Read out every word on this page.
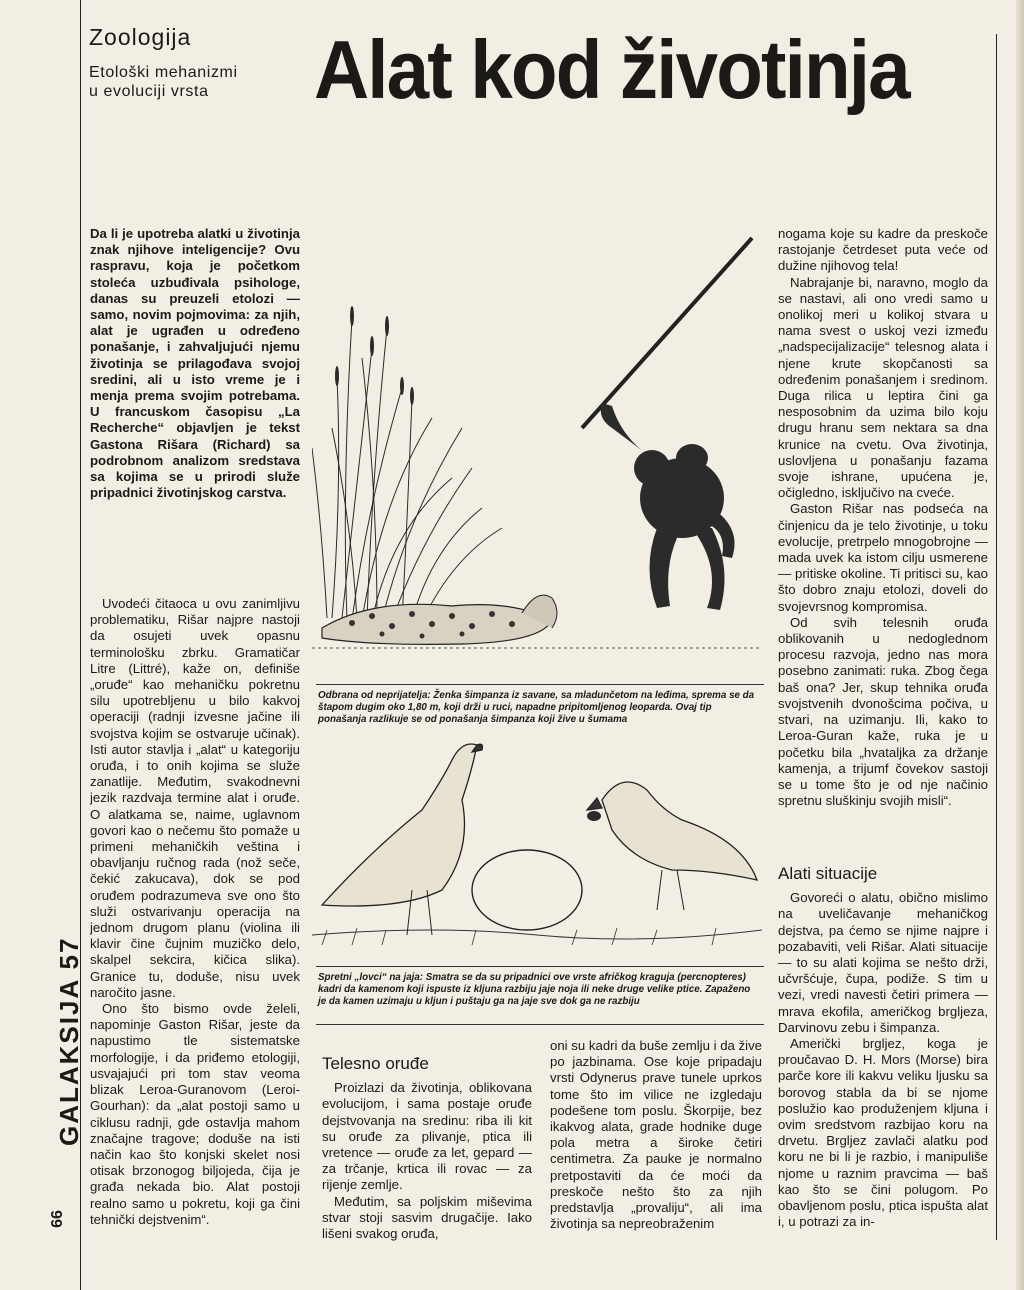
Zoologija
Etološki mehanizmi
u evoluciji vrsta	Alat kod životinja
Da li je upotreba alatki u životinja znak njihove inteligencije? Ovu raspravu, koja je početkom stoleća uzbuđivala psihologe, danas su preuzeli etolozi — samo, novim pojmovima: za njih, alat je ugrađen u određeno ponašanje, i zahvaljujući njemu životinja se prilagođava svojoj sredini, ali u isto vreme je i menja prema svojim potrebama. U francuskom časopisu „La Recherche“ objavljen je tekst Gastona Rišara (Richard) sa podrobnom analizom sredstava sa kojima se u prirodi služe pripadnici životinjskog carstva.

Uvodeći čitaoca u ovu zanimljivu problematiku, Rišar najpre nastoji da osujeti uvek opasnu terminološku zbrku. Gramatičar Litre (Littré), kaže on, definiše „oruđe“ kao mehaničku pokretnu silu upotrebljenu u bilo kakvoj operaciji (radnji izvesne jačine ili svojstva kojim se ostvaruje učinak). Isti autor stavlja i „alat“ u kategoriju oruđa, i to onih kojima se služe zanatlije. Međutim, svakodnevni jezik razdvaja termine alat i oruđe. O alatkama se, naime, uglavnom govori kao o nečemu što pomaže u primeni mehaničkih veština i obavljanju ručnog rada (nož seče, čekić zakucava), dok se pod oruđem podrazumeva sve ono što služi ostvarivanju operacija na jednom drugom planu (violina ili klavir čine čujnim muzičko delo, skalpel sekcira, kičica slika). Granice tu, doduše, nisu uvek naročito jasne.

Ono što bismo ovde želeli, napominje Gaston Rišar, jeste da napustimo tle sistematske morfologije, i da priđemo etologiji, usvajajući pri tom stav veoma blizak Leroa-Guranovom (Leroi-Gourhan): da „alat postoji samo u ciklusu radnji, gde ostavlja mahom značajne tragove; doduše na isti način kao što konjski skelet nosi otisak brzonogog biljojeda, čija je građa nekada bio. Alat postoji realno samo u pokretu, koji ga čini tehnički dejstvenim“.

Odbrana od neprijatelja: Ženka šimpanza iz savane, sa mladunčetom na leđima, sprema se da štapom dugim oko 1,80 m, koji drži u ruci, napadne pripitomljenog leoparda. Ovaj tip ponašanja razlikuje se od ponašanja šimpanza koji žive u šumama
Spretni „lovci“ na jaja: Smatra se da su pripadnici ove vrste afričkog kraguja (percnopteres) kadri da kamenom koji ispuste iz kljuna razbiju jaje noja ili neke druge velike ptice. Zapaženo je da kamen uzimaju u kljun i puštaju ga na jaje sve dok ga ne razbiju
Telesno oruđe

Proizlazi da životinja, oblikovana evolucijom, i sama postaje oruđe dejstvovanja na sredinu: riba ili kit su oruđe za plivanje, ptica ili vretence — oruđe za let, gepard — za trčanje, krtica ili rovac — za rijenje zemlje.

Međutim, sa poljskim miševima stvar stoji sasvim drugačije. Iako lišeni svakog oruđa,

oni su kadri da buše zemlju i da žive po jazbinama. Ose koje pripadaju vrsti Odynerus prave tunele uprkos tome što im vilice ne izgledaju podešene tom poslu. Škorpije, bez ikakvog alata, grade hodnike duge pola metra a široke četiri centimetra. Za pauke je normalno pretpostaviti da će moći da preskoče nešto što za njih predstavlja „provaliju“, ali ima životinja sa nepreobraženim

nogama koje su kadre da preskoče rastojanje četrdeset puta veće od dužine njihovog tela!

Nabrajanje bi, naravno, moglo da se nastavi, ali ono vredi samo u onolikoj meri u kolikoj stvara u nama svest o uskoj vezi između „nadspecijalizacije“ telesnog alata i njene krute skopčanosti sa određenim ponašanjem i sredinom. Duga rilica u leptira čini ga nesposobnim da uzima bilo koju drugu hranu sem nektara sa dna krunice na cvetu. Ova životinja, uslovljena u ponašanju fazama svoje ishrane, upućena je, očigledno, isključivo na cveće.

Gaston Rišar nas podseća na činjenicu da je telo životinje, u toku evolucije, pretrpelo mnogobrojne — mada uvek ka istom cilju usmerene — pritiske okoline. Ti pritisci su, kao što dobro znaju etolozi, doveli do svojevrsnog kompromisa.

Od svih telesnih oruđa oblikovanih u nedoglednom procesu razvoja, jedno nas mora posebno zanimati: ruka. Zbog čega baš ona? Jer, skup tehnika oruđa svojstvenih dvonošcima počiva, u stvari, na uzimanju. Ili, kako to Leroa-Guran kaže, ruka je u početku bila „hvataljka za držanje kamenja, a trijumf čovekov sastoji se u tome što je od nje načinio spretnu sluškinju svojih misli“.

Alati situacije

Govoreći o alatu, obično mislimo na uveličavanje mehaničkog dejstva, pa ćemo se njime najpre i pozabaviti, veli Rišar. Alati situacije — to su alati kojima se nešto drži, učvršćuje, čupa, podiže. S tim u vezi, vredi navesti četiri primera — mrava ekofila, američkog brgljeza, Darvinovu zebu i šimpanza.

Američki brgljez, koga je proučavao D. H. Mors (Morse) bira parče kore ili kakvu veliku ljusku sa borovog stabla da bi se njome poslužio kao produženjem kljuna i ovim sredstvom razbijao koru na drvetu. Brgljez zavlači alatku pod koru ne bi li je razbio, i manipuliše njome u raznim pravcima — baš kao što se čini polugom. Po obavljenom poslu, ptica ispušta alat i, u potrazi za in-

GALAKSIJA 57
66
